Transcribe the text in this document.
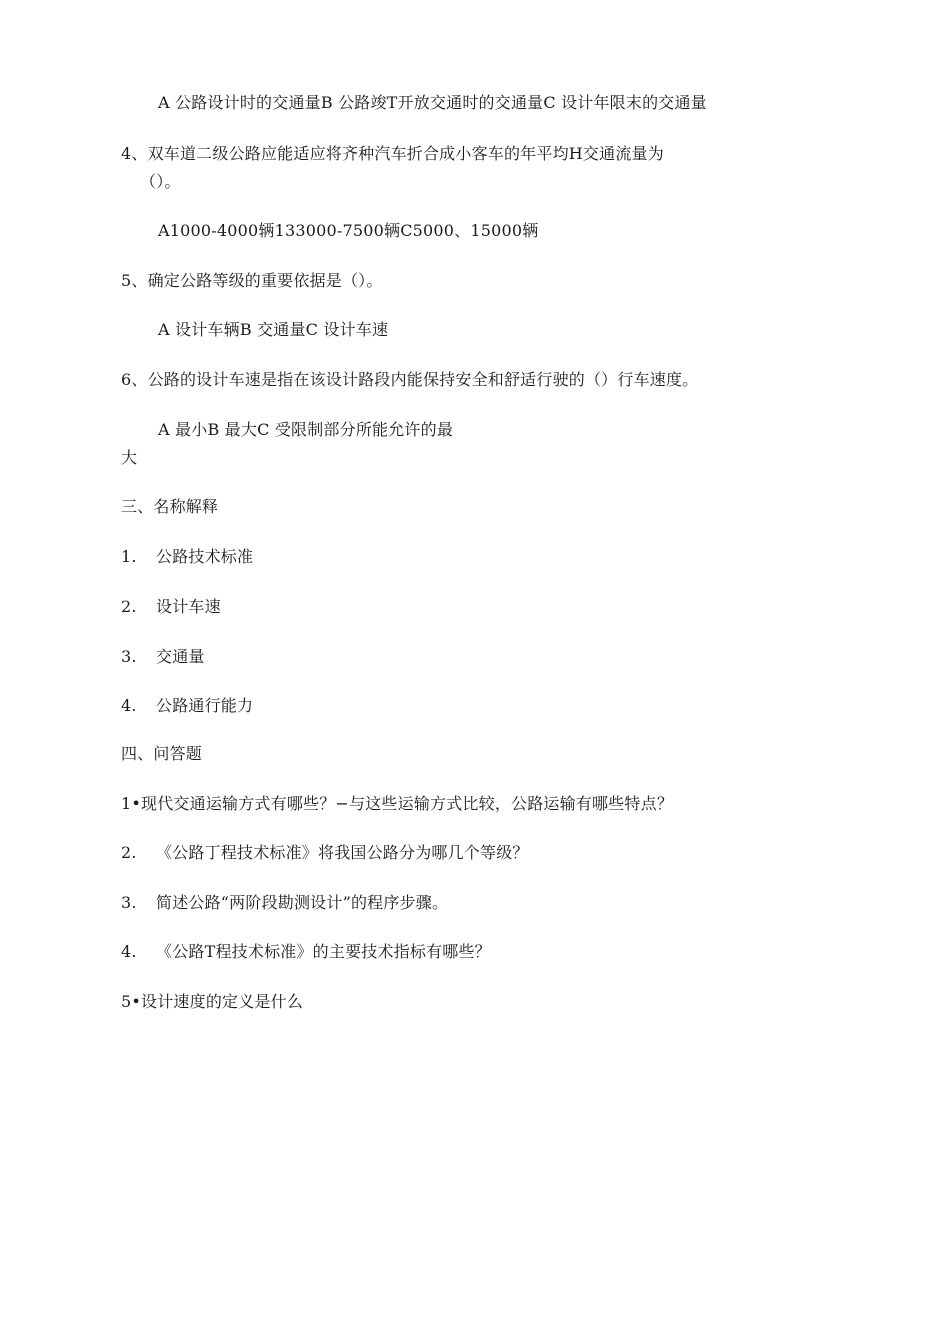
A 公路设计时的交通量B 公路竣T开放交通时的交通量C 设计年限末的交通量
4、双车道二级公路应能适应将齐种汽车折合成小客车的年平均H交通流量为
（）。
A1000-4000辆133000-7500辆C5000、15000辆
5、确定公路等级的重要依据是（）。
A 设计车辆B 交通量C 设计车速
6、公路的设计车速是指在该设计路段内能保持安全和舒适行驶的（）行车速度。
A 最小B 最大C 受限制部分所能允许的最
大
三、名称解释
1. 公路技术标准
2. 设计车速
3. 交通量
4. 公路通行能力
四、问答题
1•现代交通运输方式有哪些？−与这些运输方式比较，公路运输有哪些特点？
2. 《公路丁程技术标准》将我国公路分为哪几个等级？
3. 简述公路“两阶段勘测设计”的程序步骤。
4. 《公路T程技术标准》的主要技术指标有哪些？
5•设计速度的定义是什么
